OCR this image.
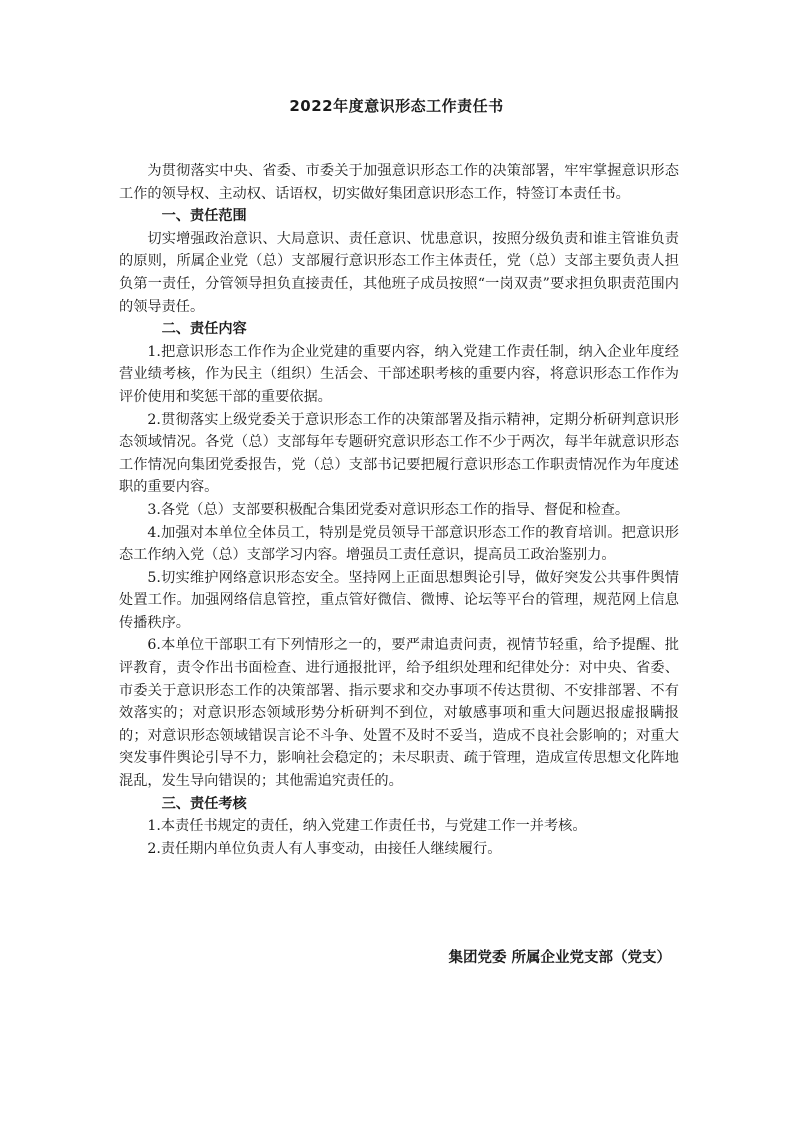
2022年度意识形态工作责任书

为贯彻落实中央、省委、市委关于加强意识形态工作的决策部署，牢牢掌握意识形态工作的领导权、主动权、话语权，切实做好集团意识形态工作，特签订本责任书。

一、责任范围

切实增强政治意识、大局意识、责任意识、忧患意识，按照分级负责和谁主管谁负责的原则，所属企业党（总）支部履行意识形态工作主体责任，党（总）支部主要负责人担负第一责任，分管领导担负直接责任，其他班子成员按照“一岗双责”要求担负职责范围内的领导责任。

二、责任内容

1.把意识形态工作作为企业党建的重要内容，纳入党建工作责任制，纳入企业年度经营业绩考核，作为民主（组织）生活会、干部述职考核的重要内容，将意识形态工作作为评价使用和奖惩干部的重要依据。

2.贯彻落实上级党委关于意识形态工作的决策部署及指示精神，定期分析研判意识形态领域情况。各党（总）支部每年专题研究意识形态工作不少于两次，每半年就意识形态工作情况向集团党委报告，党（总）支部书记要把履行意识形态工作职责情况作为年度述职的重要内容。

3.各党（总）支部要积极配合集团党委对意识形态工作的指导、督促和检查。

4.加强对本单位全体员工，特别是党员领导干部意识形态工作的教育培训。把意识形态工作纳入党（总）支部学习内容。增强员工责任意识，提高员工政治鉴别力。

5.切实维护网络意识形态安全。坚持网上正面思想舆论引导，做好突发公共事件舆情处置工作。加强网络信息管控，重点管好微信、微博、论坛等平台的管理，规范网上信息传播秩序。

6.本单位干部职工有下列情形之一的，要严肃追责问责，视情节轻重，给予提醒、批评教育，责令作出书面检查、进行通报批评，给予组织处理和纪律处分：对中央、省委、市委关于意识形态工作的决策部署、指示要求和交办事项不传达贯彻、不安排部署、不有效落实的；对意识形态领域形势分析研判不到位，对敏感事项和重大问题迟报虚报瞒报的；对意识形态领域错误言论不斗争、处置不及时不妥当，造成不良社会影响的；对重大突发事件舆论引导不力，影响社会稳定的；未尽职责、疏于管理，造成宣传思想文化阵地混乱，发生导向错误的；其他需追究责任的。

三、责任考核

1.本责任书规定的责任，纳入党建工作责任书，与党建工作一并考核。

2.责任期内单位负责人有人事变动，由接任人继续履行。

集团党委 所属企业党支部（党支）
